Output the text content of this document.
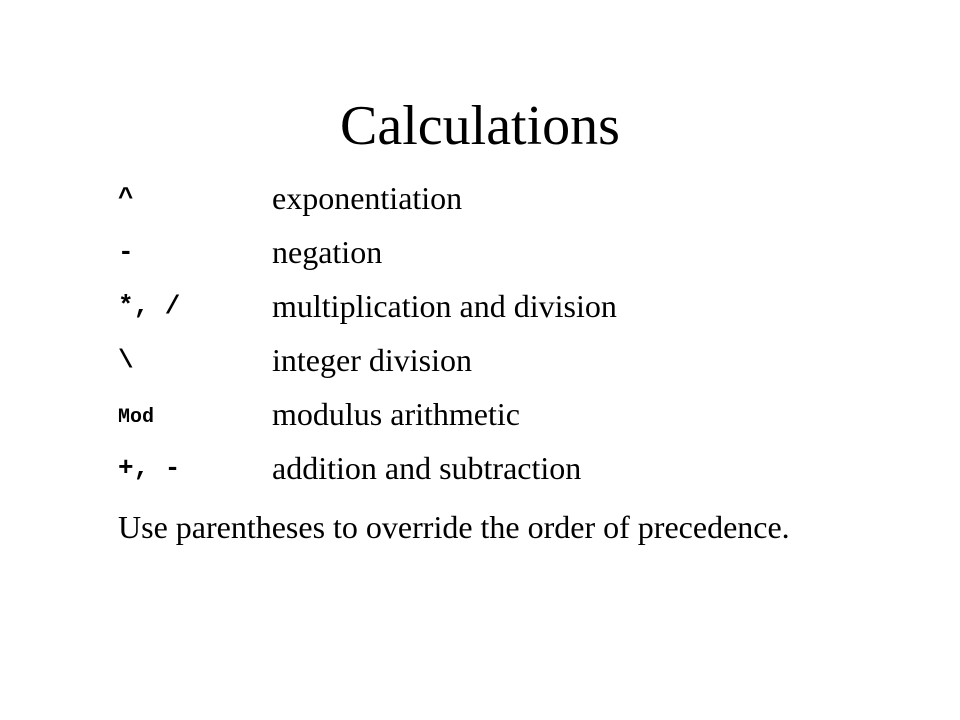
Calculations
^	exponentiation
-	negation
*, /	multiplication and division
\	integer division
Mod	modulus arithmetic
+, -	addition and subtraction
Use parentheses to override the order of precedence.
